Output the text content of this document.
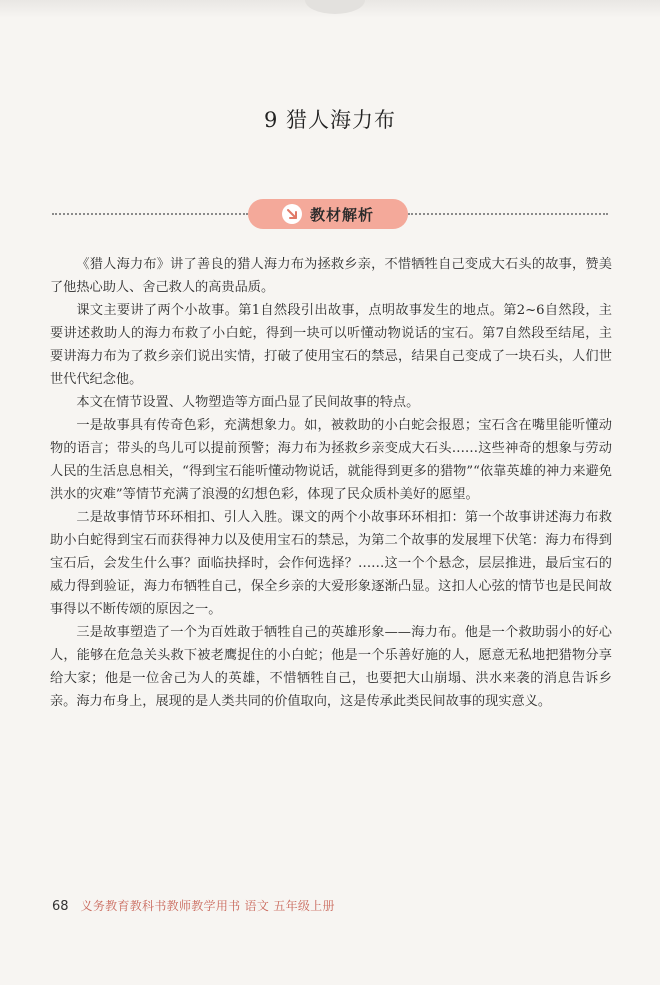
9 猎人海力布
教材解析

《猎人海力布》讲了善良的猎人海力布为拯救乡亲，不惜牺牲自己变成大石头的故事，赞美了他热心助人、舍己救人的高贵品质。

课文主要讲了两个小故事。第1自然段引出故事，点明故事发生的地点。第2~6自然段，主要讲述救助人的海力布救了小白蛇，得到一块可以听懂动物说话的宝石。第7自然段至结尾，主要讲海力布为了救乡亲们说出实情，打破了使用宝石的禁忌，结果自己变成了一块石头，人们世世代代纪念他。

本文在情节设置、人物塑造等方面凸显了民间故事的特点。

一是故事具有传奇色彩，充满想象力。如，被救助的小白蛇会报恩；宝石含在嘴里能听懂动物的语言；带头的鸟儿可以提前预警；海力布为拯救乡亲变成大石头……这些神奇的想象与劳动人民的生活息息相关，“得到宝石能听懂动物说话，就能得到更多的猎物”“依靠英雄的神力来避免洪水的灾难”等情节充满了浪漫的幻想色彩，体现了民众质朴美好的愿望。

二是故事情节环环相扣、引人入胜。课文的两个小故事环环相扣：第一个故事讲述海力布救助小白蛇得到宝石而获得神力以及使用宝石的禁忌，为第二个故事的发展埋下伏笔：海力布得到宝石后，会发生什么事？面临抉择时，会作何选择？……这一个个悬念，层层推进，最后宝石的威力得到验证，海力布牺牲自己，保全乡亲的大爱形象逐渐凸显。这扣人心弦的情节也是民间故事得以不断传颂的原因之一。

三是故事塑造了一个为百姓敢于牺牲自己的英雄形象——海力布。他是一个救助弱小的好心人，能够在危急关头救下被老鹰捉住的小白蛇；他是一个乐善好施的人，愿意无私地把猎物分享给大家；他是一位舍己为人的英雄，不惜牺牲自己，也要把大山崩塌、洪水来袭的消息告诉乡亲。海力布身上，展现的是人类共同的价值取向，这是传承此类民间故事的现实意义。

68 义务教育教科书教师教学用书 语文 五年级上册
